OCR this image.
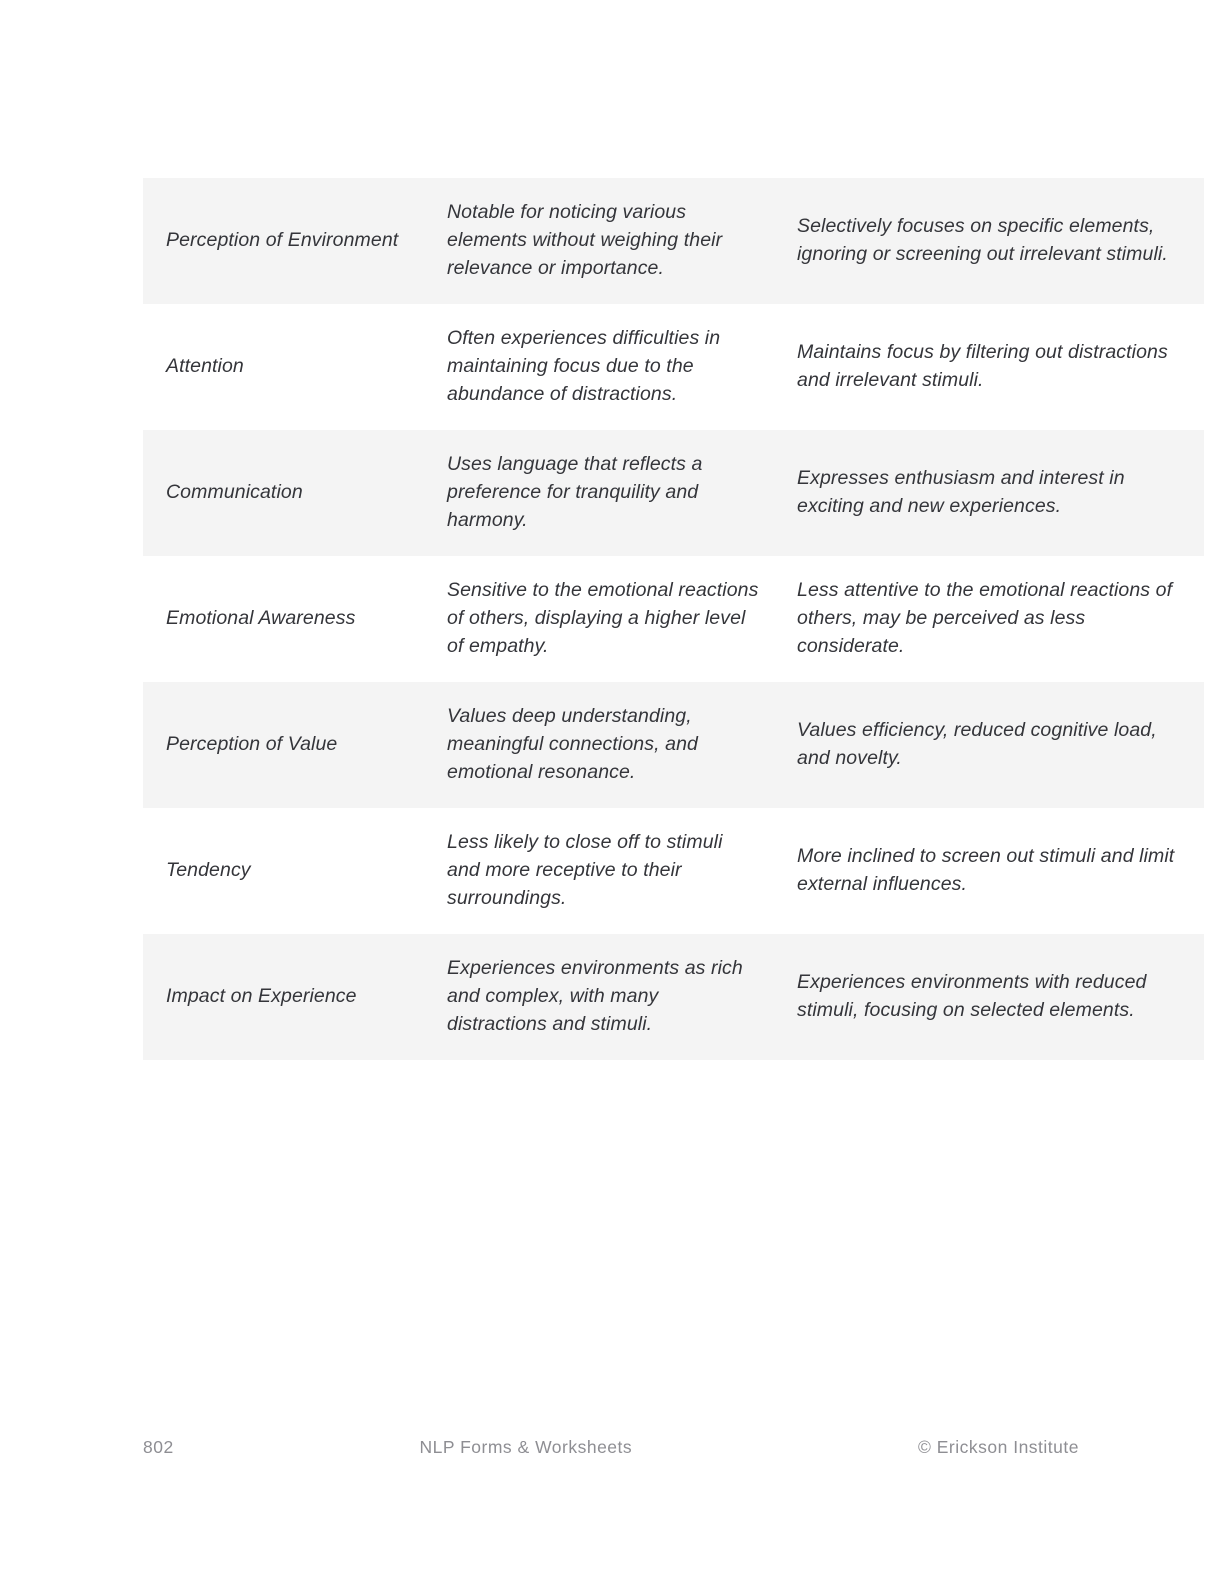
Perception of Environment	Notable for noticing various elements without weighing their relevance or importance.	Selectively focuses on specific elements, ignoring or screening out irrelevant stimuli.
Attention	Often experiences difficulties in maintaining focus due to the abundance of distractions.	Maintains focus by filtering out distractions and irrelevant stimuli.
Communication	Uses language that reflects a preference for tranquility and harmony.	Expresses enthusiasm and interest in exciting and new experiences.
Emotional Awareness	Sensitive to the emotional reactions of others, displaying a higher level of empathy.	Less attentive to the emotional reactions of others, may be perceived as less considerate.
Perception of Value	Values deep understanding, meaningful connections, and emotional resonance.	Values efficiency, reduced cognitive load, and novelty.
Tendency	Less likely to close off to stimuli and more receptive to their surroundings.	More inclined to screen out stimuli and limit external influences.
Impact on Experience	Experiences environments as rich and complex, with many distractions and stimuli.	Experiences environments with reduced stimuli, focusing on selected elements.
802	NLP Forms & Worksheets	© Erickson Institute
